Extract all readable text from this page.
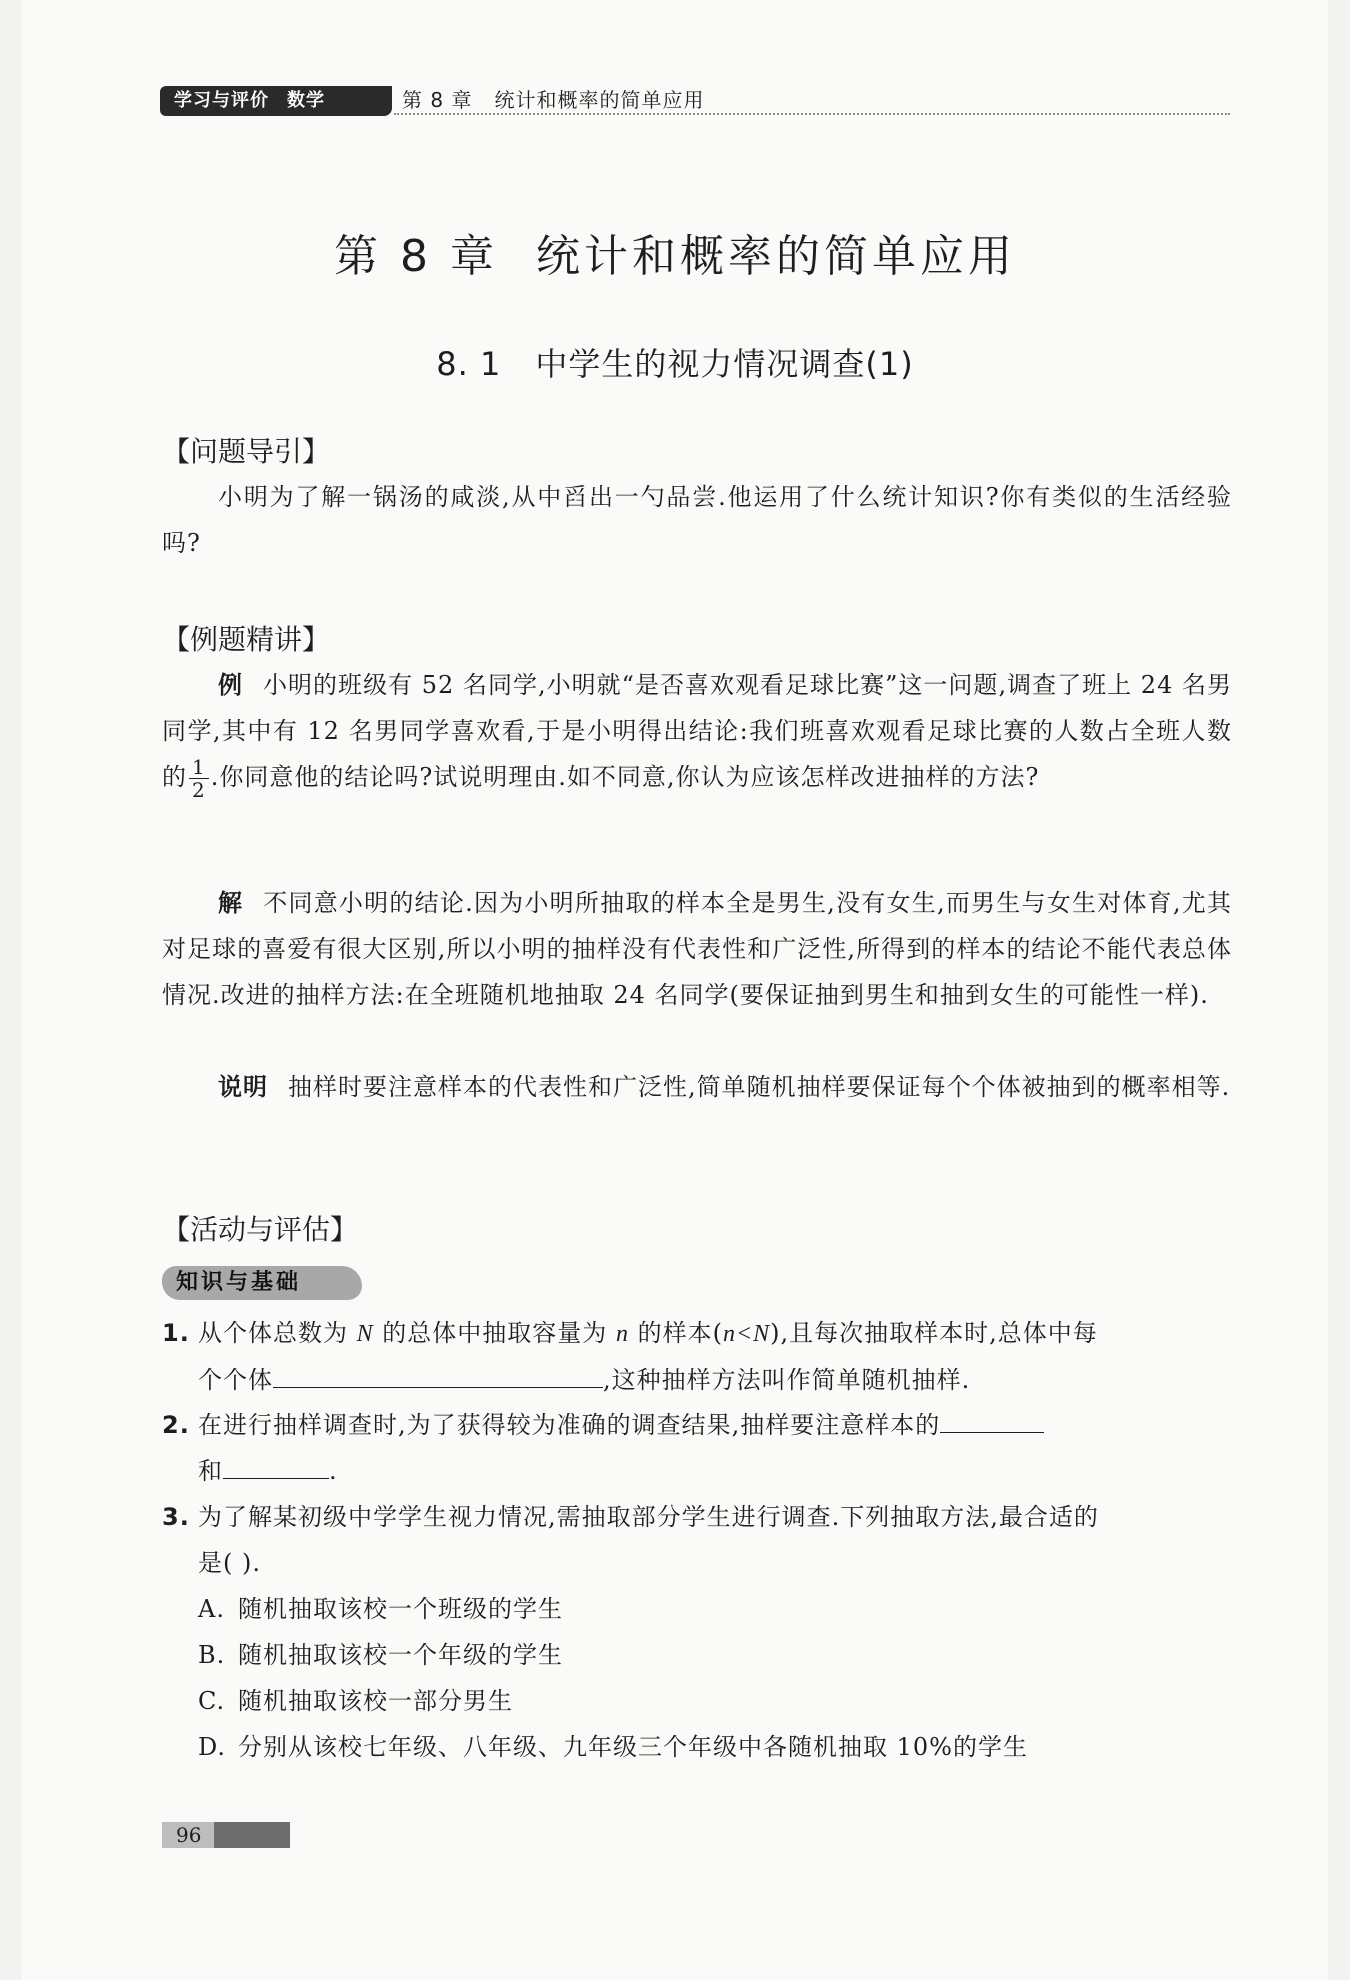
学习与评价 数学	第 8 章 统计和概率的简单应用
第 8 章 统计和概率的简单应用
8. 1 中学生的视力情况调查(1)
【问题导引】
小明为了解一锅汤的咸淡,从中舀出一勺品尝.他运用了什么统计知识?你有类似的生活经验吗?
【例题精讲】
例 小明的班级有 52 名同学,小明就“是否喜欢观看足球比赛”这一问题,调查了班上 24 名男同学,其中有 12 名男同学喜欢看,于是小明得出结论:我们班喜欢观看足球比赛的人数占全班人数的 $\frac{1}{2}$ .你同意他的结论吗?试说明理由.如不同意,你认为应该怎样改进抽样的方法?
解 不同意小明的结论.因为小明所抽取的样本全是男生,没有女生,而男生与女生对体育,尤其对足球的喜爱有很大区别,所以小明的抽样没有代表性和广泛性,所得到的样本的结论不能代表总体情况.改进的抽样方法:在全班随机地抽取 24 名同学(要保证抽到男生和抽到女生的可能性一样).
说明 抽样时要注意样本的代表性和广泛性,简单随机抽样要保证每个个体被抽到的概率相等.
【活动与评估】
知识与基础
1. 从个体总数为 N 的总体中抽取容量为 n 的样本(n<N),且每次抽取样本时,总体中每
个个体	,这种抽样方法叫作简单随机抽样.
2. 在进行抽样调查时,为了获得较为准确的调查结果,抽样要注意样本的
和	.
3. 为了解某初级中学学生视力情况,需抽取部分学生进行调查.下列抽取方法,最合适的
是( ).
A. 随机抽取该校一个班级的学生
B. 随机抽取该校一个年级的学生
C. 随机抽取该校一部分男生
D. 分别从该校七年级、八年级、九年级三个年级中各随机抽取 10%的学生
96
